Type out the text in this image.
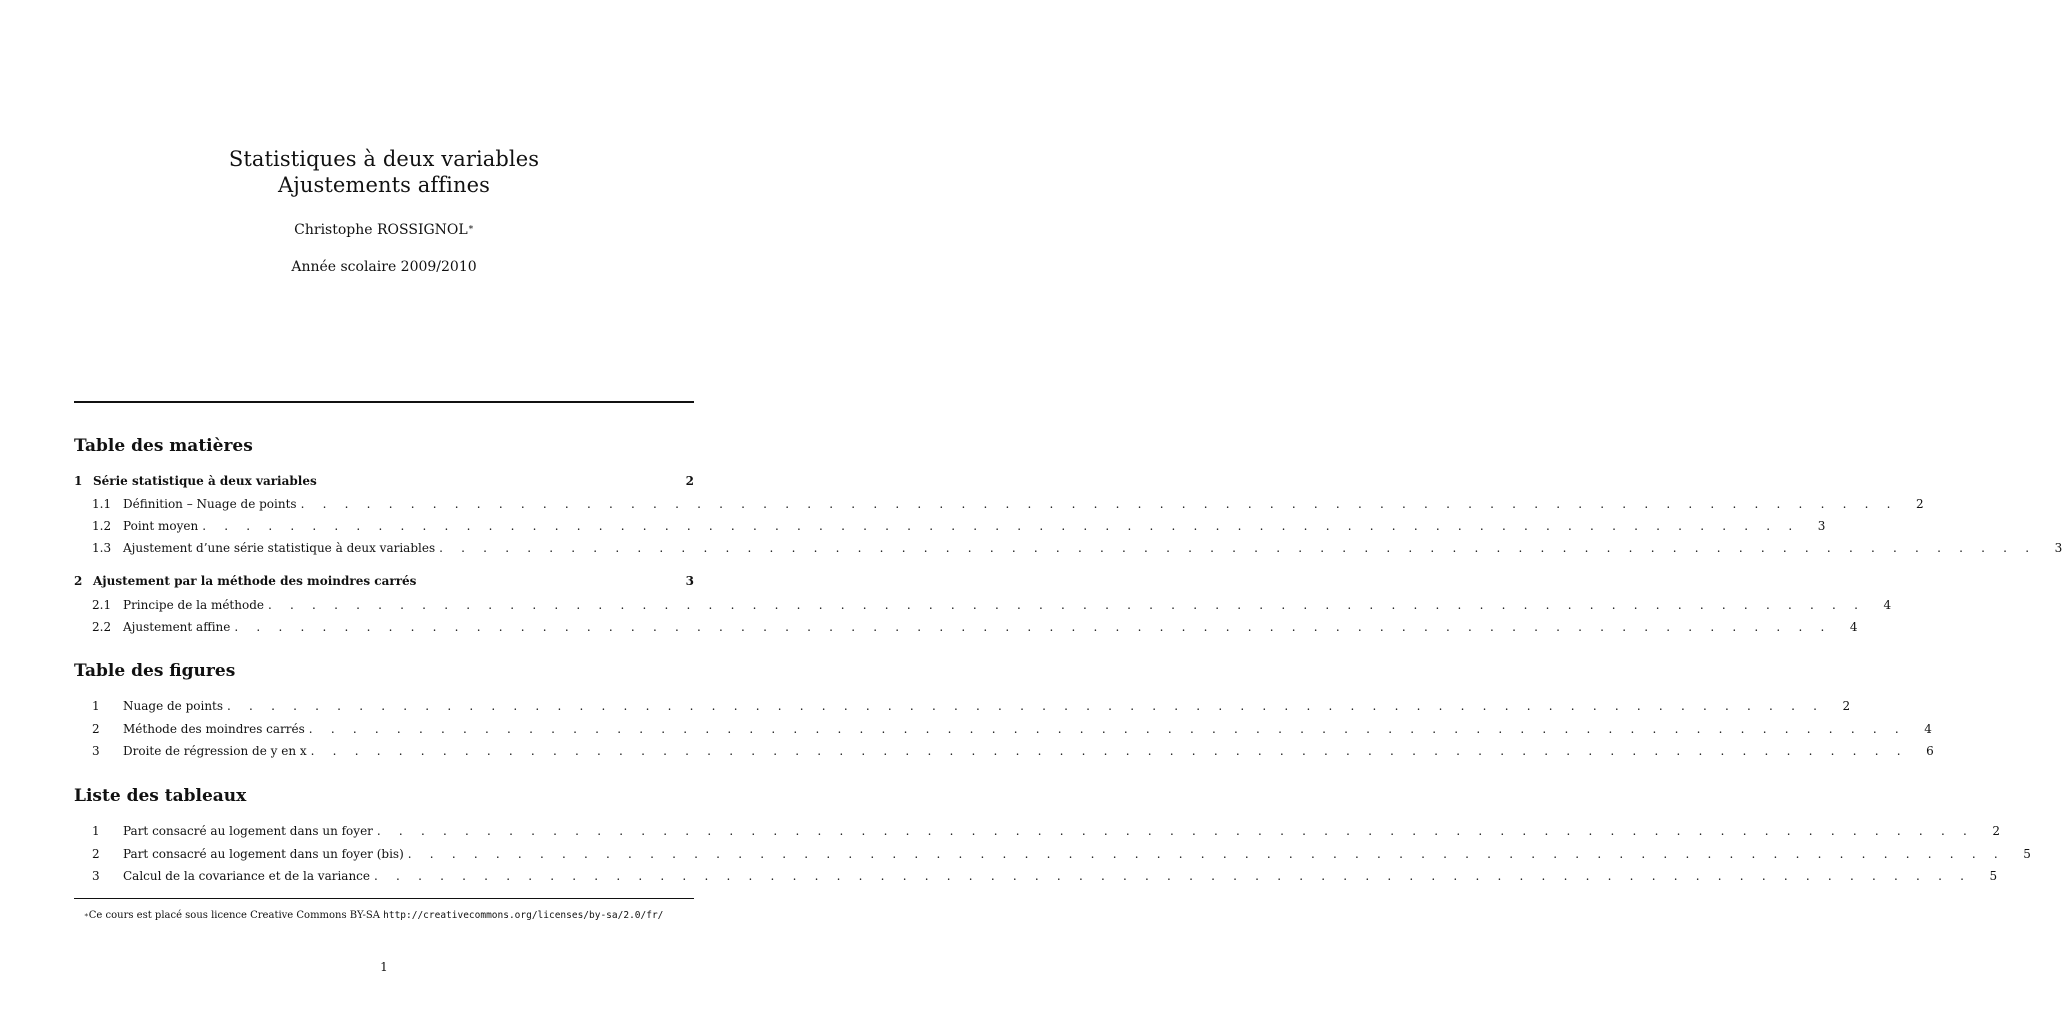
Statistiques à deux variables
Ajustements affines
Christophe ROSSIGNOL∗
Année scolaire 2009/2010
Table des matières
1 Série statistique à deux variables	2
1.1 Définition – Nuage de points . . . . . . . . . . . . . . . . . . . . . . . . . . . . . . . . . . . . . . . . . . . . . . . . . . . . . . . . . . . . . . . . . . . . . . . . .	2
1.2 Point moyen . . . . . . . . . . . . . . . . . . . . . . . . . . . . . . . . . . . . . . . . . . . . . . . . . . . . . . . . . . . . . . . . . . . . . . . . .	3
1.3 Ajustement d’une série statistique à deux variables . . . . . . . . . . . . . . . . . . . . . . . . . . . . . . . . . . . . . . . . . . . . . . . . . . . . . . . . . . . . . . . . . . . . . . . . .	3
2 Ajustement par la méthode des moindres carrés	3
2.1 Principe de la méthode . . . . . . . . . . . . . . . . . . . . . . . . . . . . . . . . . . . . . . . . . . . . . . . . . . . . . . . . . . . . . . . . . . . . . . . . .	4
2.2 Ajustement affine . . . . . . . . . . . . . . . . . . . . . . . . . . . . . . . . . . . . . . . . . . . . . . . . . . . . . . . . . . . . . . . . . . . . . . . . .	4
Table des figures
1	Nuage de points . . . . . . . . . . . . . . . . . . . . . . . . . . . . . . . . . . . . . . . . . . . . . . . . . . . . . . . . . . . . . . . . . . . . . . . . .	2
2	Méthode des moindres carrés . . . . . . . . . . . . . . . . . . . . . . . . . . . . . . . . . . . . . . . . . . . . . . . . . . . . . . . . . . . . . . . . . . . . . . . . .	4
3	Droite de régression de y en x . . . . . . . . . . . . . . . . . . . . . . . . . . . . . . . . . . . . . . . . . . . . . . . . . . . . . . . . . . . . . . . . . . . . . . . . .	6
Liste des tableaux
1	Part consacré au logement dans un foyer . . . . . . . . . . . . . . . . . . . . . . . . . . . . . . . . . . . . . . . . . . . . . . . . . . . . . . . . . . . . . . . . . . . . . . . . .	2
2	Part consacré au logement dans un foyer (bis) . . . . . . . . . . . . . . . . . . . . . . . . . . . . . . . . . . . . . . . . . . . . . . . . . . . . . . . . . . . . . . . . . . . . . . . . .	5
3	Calcul de la covariance et de la variance . . . . . . . . . . . . . . . . . . . . . . . . . . . . . . . . . . . . . . . . . . . . . . . . . . . . . . . . . . . . . . . . . . . . . . . . .	5
∗Ce cours est placé sous licence Creative Commons BY-SA http://creativecommons.org/licenses/by-sa/2.0/fr/
1
